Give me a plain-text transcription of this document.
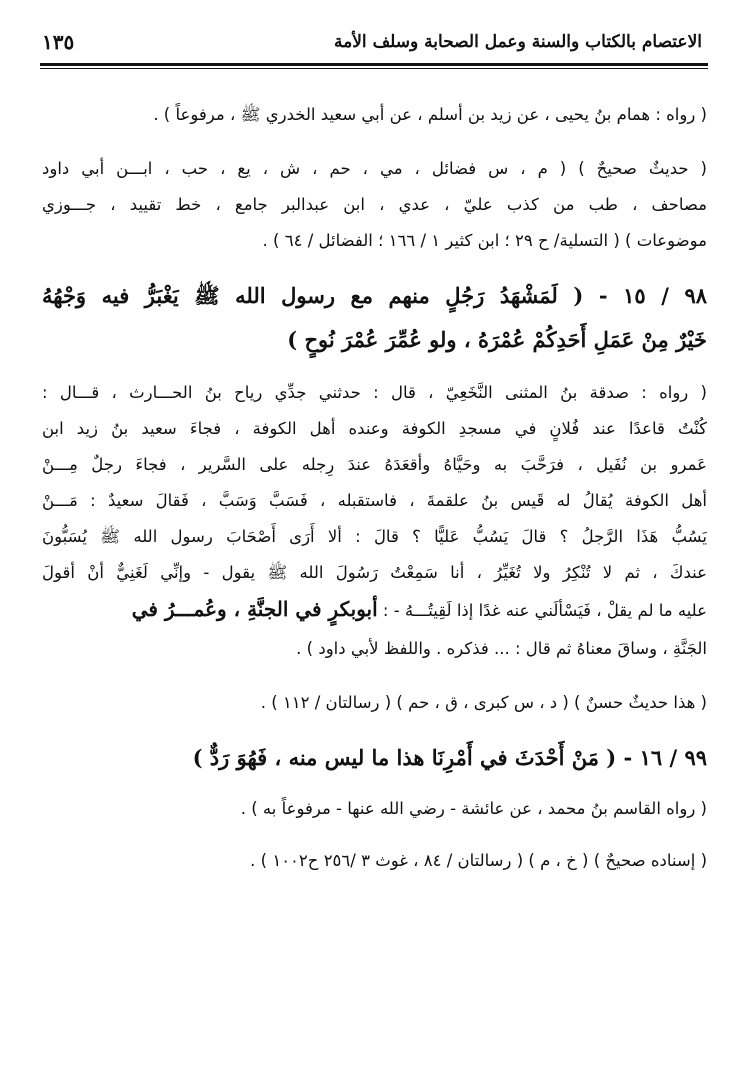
الاعتصام بالكتاب والسنة وعمل الصحابة وسلف الأمة
١٣٥
( رواه : همام بنُ يحيى ، عن زيد بن أسلم ، عن أبي سعيد الخدري ﷺ ، مرفوعاً ) .
( حديثٌ صحيحٌ ) ( م ، س فضائل ، مي ، حم ، ش ، يع ، حب ، ابـــن أبي داود
مصاحف ، طب من كذب عليّ ، عدي ، ابن عبدالبر جامع ، خط تقييد ، جـــوزي
موضوعات ) ( التسلية/ ح ٢٩ ؛ ابن كثير ١ / ١٦٦ ؛ الفضائل / ٦٤ ) .
٩٨ / ١٥ - ( لَمَشْهَدُ رَجُلٍ منهم مع رسول الله ﷺ يَغْبَرُّ فيه وَجْهُهُ
خَيْرٌ مِنْ عَمَلِ أَحَدِكُمْ عُمْرَهُ ، ولو عُمِّرَ عُمْرَ نُوحٍ )
( رواه : صدقة بنُ المثنى النَّخَعِيّ ، قال : حدثني جدِّي رياح بنُ الحـــارث ، قـــال :
كُنْتُ قاعدًا عند فُلانٍ في مسجدِ الكوفة وعنده أهل الكوفة ، فجاءَ سعيد بنُ زيد ابن
عَمرو بن نُفَيل ، فرَحَّبَ به وحَيَّاهُ وأقعَدَهُ عندَ رِجله على السَّرير ، فجاءَ رجلٌ مِـــنْ
أهل الكوفة يُقالُ له قَيس بنُ علقمةَ ، فاستقبله ، فَسَبَّ وَسَبَّ ، فَقالَ سعيدٌ : مَـــنْ
يَسُبُّ هَذَا الرَّجلُ ؟ قالَ يَسُبُّ عَليًّا ؟ قالَ : ألا أَرَى أَصْحَابَ رسول الله ﷺ يُسَبُّونَ
عندكَ ، ثم لا تُنْكِرُ ولا تُغَيِّرُ ، أنا سَمِعْتُ رَسُولَ الله ﷺ يقول - وإنِّي لَغَنِيٌّ أنْ أقولَ
عليه ما لم يقلْ ، فَيَسْألَني عنه غدًا إذا لَقِيتُـــهُ - : أبوبكرٍ في الجنَّةِ ، وعُمـــرُ في
الجَنَّةِ ، وساقَ معناهُ ثم قال : ... فذكره . واللفظ لأبي داود ) .
( هذا حديثٌ حسنٌ ) ( د ، س كبرى ، ق ، حم ) ( رسالتان / ١١٢ ) .
٩٩ / ١٦ - ( مَنْ أَحْدَثَ في أَمْرِنَا هذا ما ليس منه ، فَهُوَ رَدٌّ )
( رواه القاسم بنُ محمد ، عن عائشة - رضي الله عنها - مرفوعاً به ) .
( إسناده صحيحٌ ) ( خ ، م ) ( رسالتان / ٨٤ ، غوث ٣ /٢٥٦ ح١٠٠٢ ) .
